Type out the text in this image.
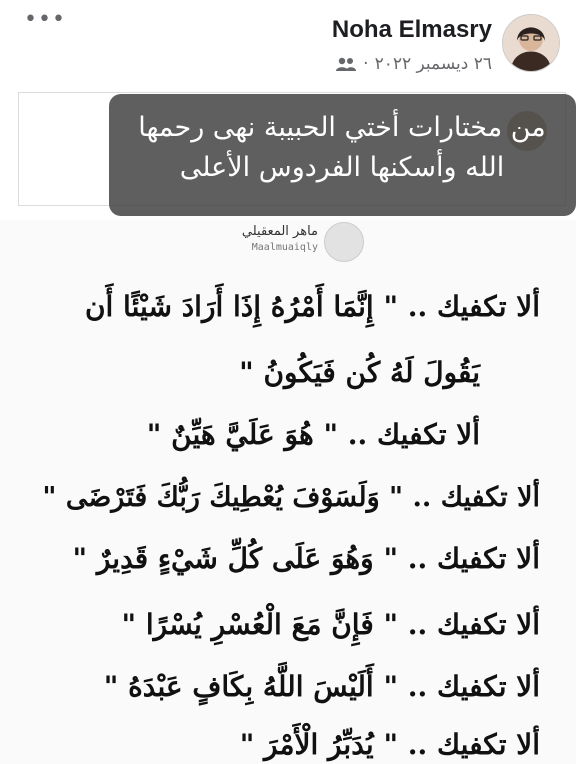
•••	Noha Elmasry
· ٢٦ ديسمبر ٢٠٢٢
ماهر المعقيلي
Maalmuaiqly
ألا تكفيك .. " إِنَّمَا أَمْرُهُ إِذَا أَرَادَ شَيْئًا أَن
يَقُولَ لَهُ كُن فَيَكُونُ "
ألا تكفيك .. " هُوَ عَلَيَّ هَيِّنٌ "
ألا تكفيك .. " وَلَسَوْفَ يُعْطِيكَ رَبُّكَ فَتَرْضَى "
ألا تكفيك .. " وَهُوَ عَلَى كُلِّ شَيْءٍ قَدِيرٌ "
ألا تكفيك .. " فَإِنَّ مَعَ الْعُسْرِ يُسْرًا "
ألا تكفيك .. " أَلَيْسَ اللَّهُ بِكَافٍ عَبْدَهُ "
ألا تكفيك .. " يُدَبِّرُ الْأَمْرَ "
من مختارات أختي الحبيبة نهى رحمها الله وأسكنها الفردوس الأعلى
